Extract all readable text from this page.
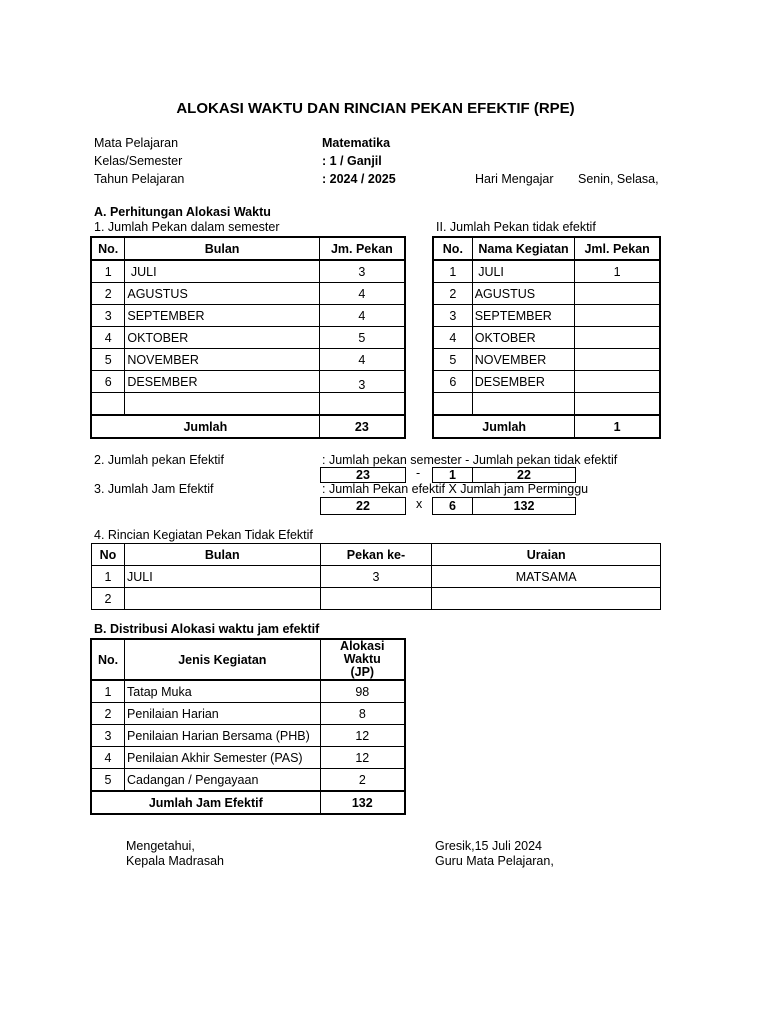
ALOKASI WAKTU DAN RINCIAN PEKAN EFEKTIF (RPE)
Mata Pelajaran	Matematika
Kelas/Semester	: 1 / Ganjil
Tahun Pelajaran	: 2024 / 2025	Hari Mengajar Senin, Selasa,
A. Perhitungan Alokasi Waktu
1. Jumlah Pekan dalam semester	II. Jumlah Pekan tidak efektif
No.	Bulan	Jm. Pekan
1	JULI	3
2	AGUSTUS	4
3	SEPTEMBER	4
4	OKTOBER	5
5	NOVEMBER	4
6	DESEMBER	3

Jumlah		23
No.	Nama Kegiatan	Jml. Pekan
1	JULI	1
2	AGUSTUS	
3	SEPTEMBER	
4	OKTOBER	
5	NOVEMBER	
6	DESEMBER	

Jumlah		1
2. Jumlah pekan Efektif	: Jumlah pekan semester - Jumlah pekan tidak efektif
23	-	1	22
3. Jumlah Jam Efektif	: Jumlah Pekan efektif X Jumlah jam Perminggu
22	x	6	132
4. Rincian Kegiatan Pekan Tidak Efektif
No	Bulan	Pekan ke-	Uraian
1	JULI	3	MATSAMA
2			
B. Distribusi Alokasi waktu jam efektif
No.	Jenis Kegiatan	Alokasi Waktu (JP)
1	Tatap Muka	98
2	Penilaian Harian	8
3	Penilaian Harian Bersama (PHB)	12
4	Penilaian Akhir Semester (PAS)	12
5	Cadangan / Pengayaan	2
Jumlah Jam Efektif		132
Mengetahui,
Kepala Madrasah
Gresik,15 Juli 2024
Guru Mata Pelajaran,
